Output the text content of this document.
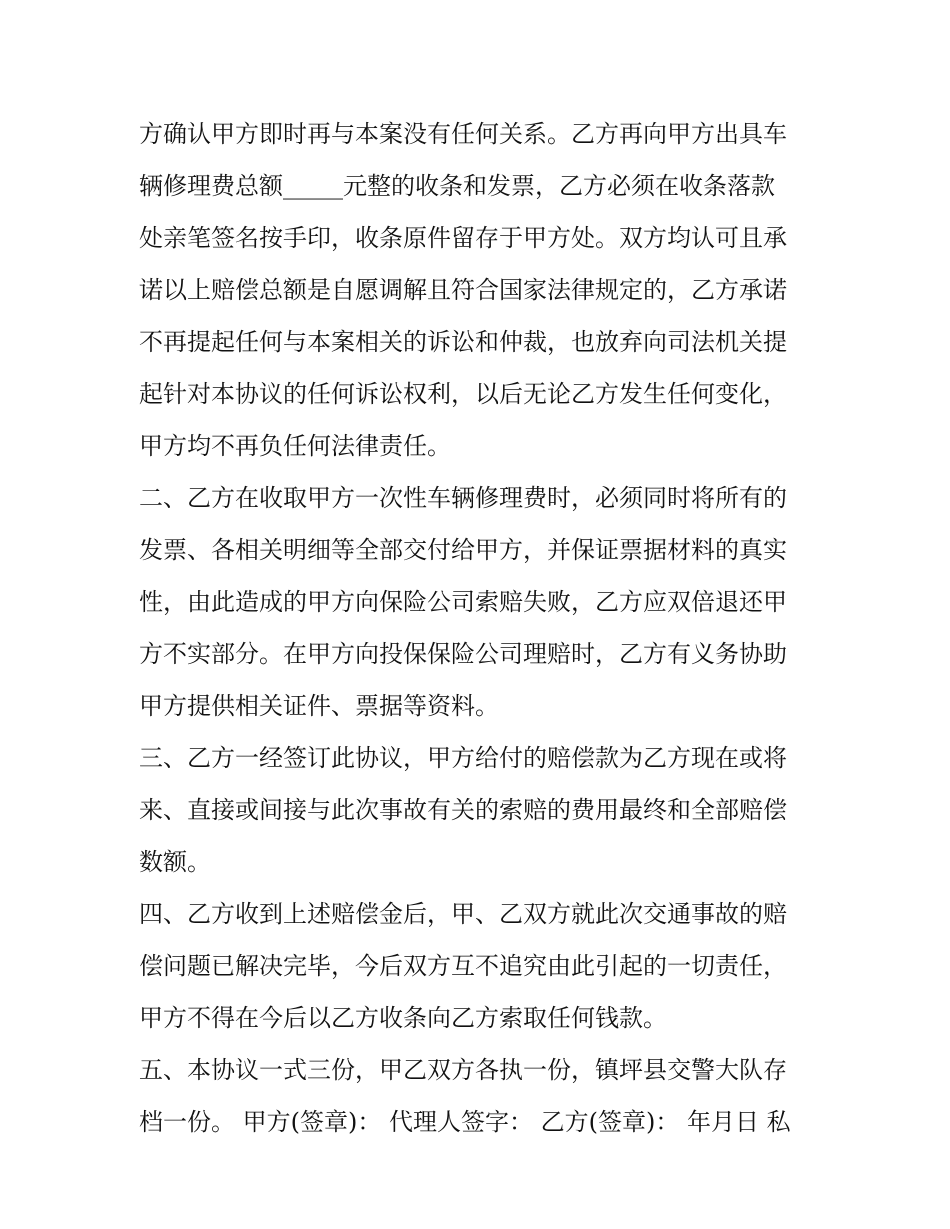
方确认甲方即时再与本案没有任何关系。乙方再向甲方出具车
辆修理费总额_____元整的收条和发票，乙方必须在收条落款
处亲笔签名按手印，收条原件留存于甲方处。双方均认可且承
诺以上赔偿总额是自愿调解且符合国家法律规定的，乙方承诺
不再提起任何与本案相关的诉讼和仲裁，也放弃向司法机关提
起针对本协议的任何诉讼权利，以后无论乙方发生任何变化，
甲方均不再负任何法律责任。
二、乙方在收取甲方一次性车辆修理费时，必须同时将所有的
发票、各相关明细等全部交付给甲方，并保证票据材料的真实
性，由此造成的甲方向保险公司索赔失败，乙方应双倍退还甲
方不实部分。在甲方向投保保险公司理赔时，乙方有义务协助
甲方提供相关证件、票据等资料。
三、乙方一经签订此协议，甲方给付的赔偿款为乙方现在或将
来、直接或间接与此次事故有关的索赔的费用最终和全部赔偿
数额。
四、乙方收到上述赔偿金后，甲、乙双方就此次交通事故的赔
偿问题已解决完毕，今后双方互不追究由此引起的一切责任，
甲方不得在今后以乙方收条向乙方索取任何钱款。
五、本协议一式三份，甲乙双方各执一份，镇坪县交警大队存
档一份。 甲方(签章)： 代理人签字： 乙方(签章)： 年月日 私
